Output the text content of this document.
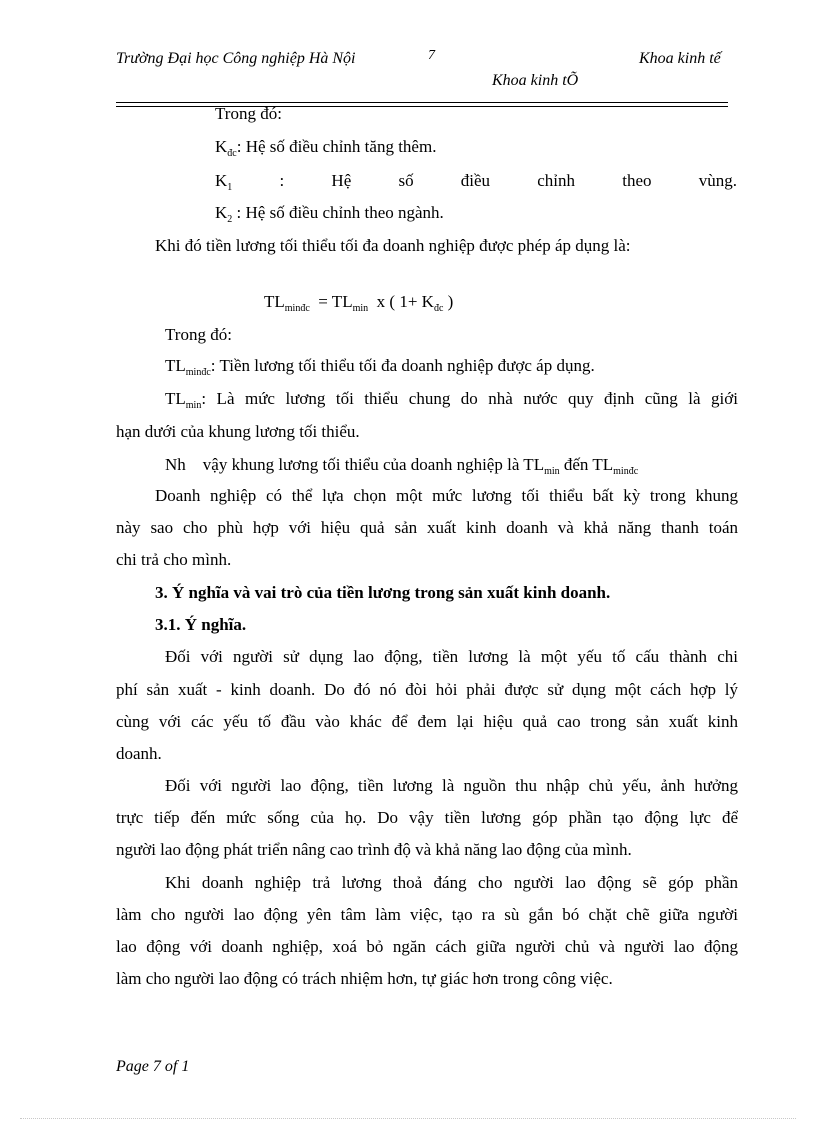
Trường Đại học Công nghiệp Hà Nội	7	Khoa kinh tế
Khoa kinh tÕ
Trong đó:
$K_{đc}$: Hệ số điều chỉnh tăng thêm.
$K_1$	:	Hệ	số	điều	chỉnh	theo	vùng.
$K_2$ : Hệ số điều chỉnh theo ngành.
Khi đó tiền lương tối thiểu tối đa doanh nghiệp được phép áp dụng là:
$TL_{minđc} = TL_{min}$  x ( $1+ K_{đc}$ )
Trong đó:
$TL_{minđc}$: Tiền lương tối thiểu tối đa doanh nghiệp được áp dụng.
$TL_{min}$: Là mức lương tối thiểu chung do nhà nước quy định cũng là giới
hạn dưới của khung lương tối thiểu.
Nh vậy khung lương tối thiểu của doanh nghiệp là $TL_{min}$ đến $TL_{minđc}$
Doanh nghiệp có thể lựa chọn một mức lương tối thiểu bất kỳ trong khung
này sao cho phù hợp với hiệu quả sản xuất kinh doanh và khả năng thanh toán
chi trả cho mình.
3. Ý nghĩa và vai trò của tiền lương trong sản xuất kinh doanh.
3.1. Ý nghĩa.
Đối với người sử dụng lao động, tiền lương là một yếu tố cấu thành chi
phí sản xuất - kinh doanh. Do đó nó đòi hỏi phải được sử dụng một cách hợp lý
cùng với các yếu tố đầu vào khác để đem lại hiệu quả cao trong sản xuất kinh
doanh.
Đối với người lao động, tiền lương là nguồn thu nhập chủ yếu, ảnh hưởng
trực tiếp đến mức sống của họ. Do vậy tiền lương góp phần tạo động lực để
người lao động phát triển nâng cao trình độ và khả năng lao động của mình.
Khi doanh nghiệp trả lương thoả đáng cho người lao động sẽ góp phần
làm cho người lao động yên tâm làm việc, tạo ra sù gắn bó chặt chẽ giữa người
lao động với doanh nghiệp, xoá bỏ ngăn cách giữa người chủ và người lao động
làm cho người lao động có trách nhiệm hơn, tự giác hơn trong công việc.
Page 7 of 1
